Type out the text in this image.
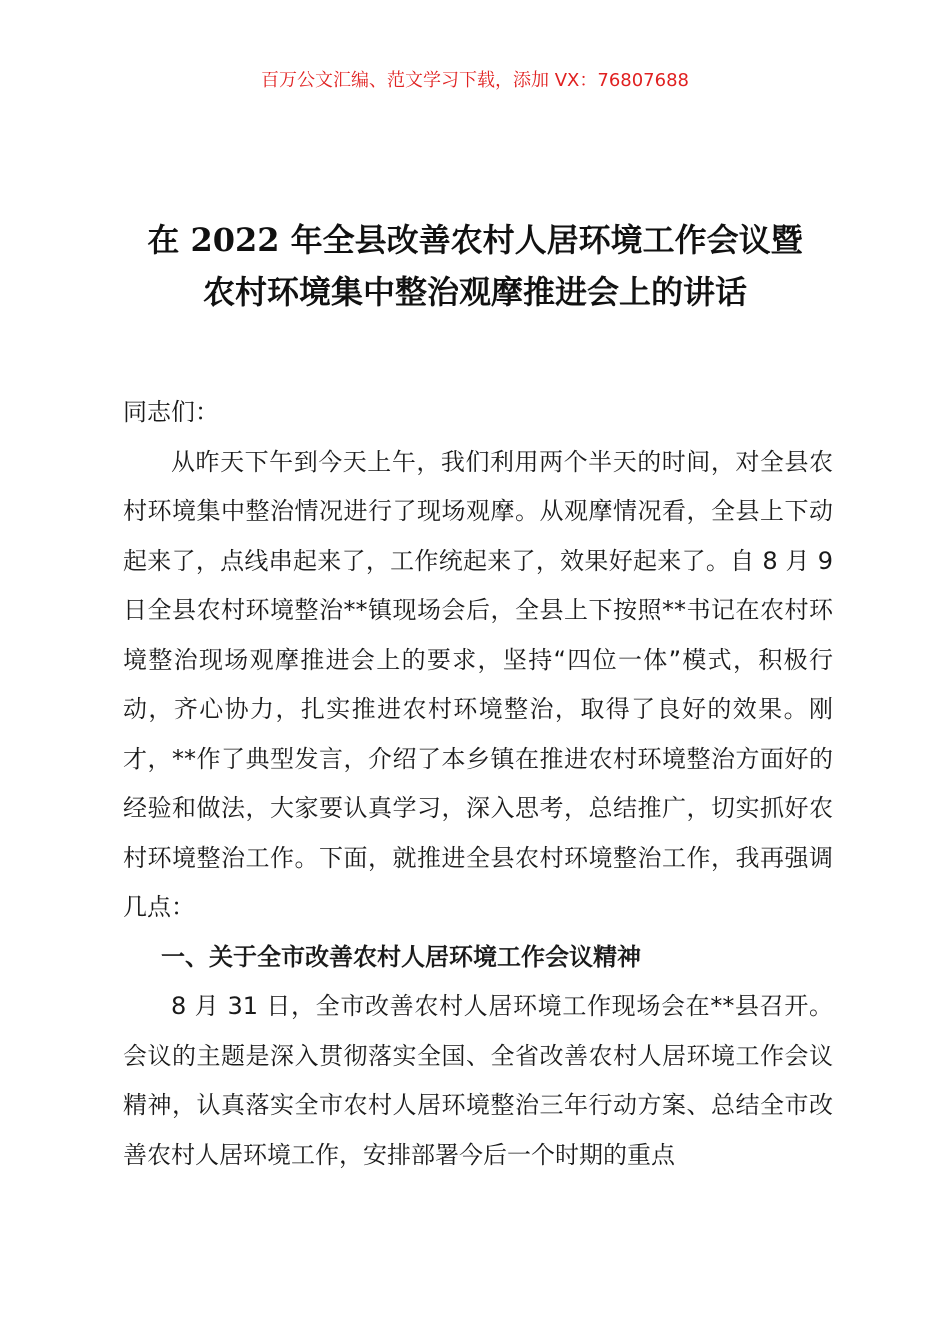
百万公文汇编、范文学习下载，添加 VX：76807688
在 2022 年全县改善农村人居环境工作会议暨
农村环境集中整治观摩推进会上的讲话

同志们：

从昨天下午到今天上午，我们利用两个半天的时间，对全县农村环境集中整治情况进行了现场观摩。从观摩情况看，全县上下动起来了，点线串起来了，工作统起来了，效果好起来了。自 8 月 9 日全县农村环境整治**镇现场会后，全县上下按照**书记在农村环境整治现场观摩推进会上的要求，坚持“四位一体”模式，积极行动，齐心协力，扎实推进农村环境整治，取得了良好的效果。刚才，**作了典型发言，介绍了本乡镇在推进农村环境整治方面好的经验和做法，大家要认真学习，深入思考，总结推广，切实抓好农村环境整治工作。下面，就推进全县农村环境整治工作，我再强调几点：

一、关于全市改善农村人居环境工作会议精神

8 月 31 日，全市改善农村人居环境工作现场会在**县召开。会议的主题是深入贯彻落实全国、全省改善农村人居环境工作会议精神，认真落实全市农村人居环境整治三年行动方案、总结全市改善农村人居环境工作，安排部署今后一个时期的重点
